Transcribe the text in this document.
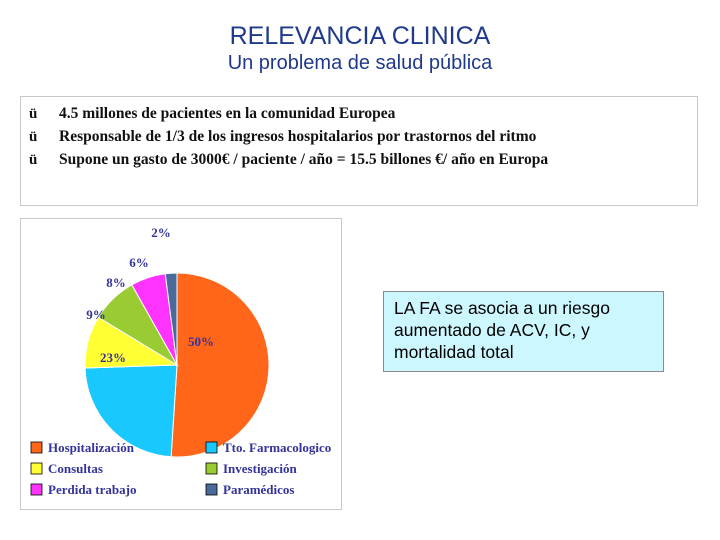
RELEVANCIA CLINICA
Un problema de salud pública
ü	4.5 millones de pacientes en la comunidad Europea
ü	Responsable de 1/3 de los ingresos hospitalarios por trastornos del ritmo
ü	Supone un gasto de 3000€ / paciente / año = 15.5 billones €/ año en Europa
50%
23%
9%
8%
6%
2%
Hospitalización	Tto. Farmacologico
Consultas	Investigación
Perdida trabajo	Paramédicos
LA FA se asocia a un riesgo aumentado de ACV, IC, y mortalidad total
